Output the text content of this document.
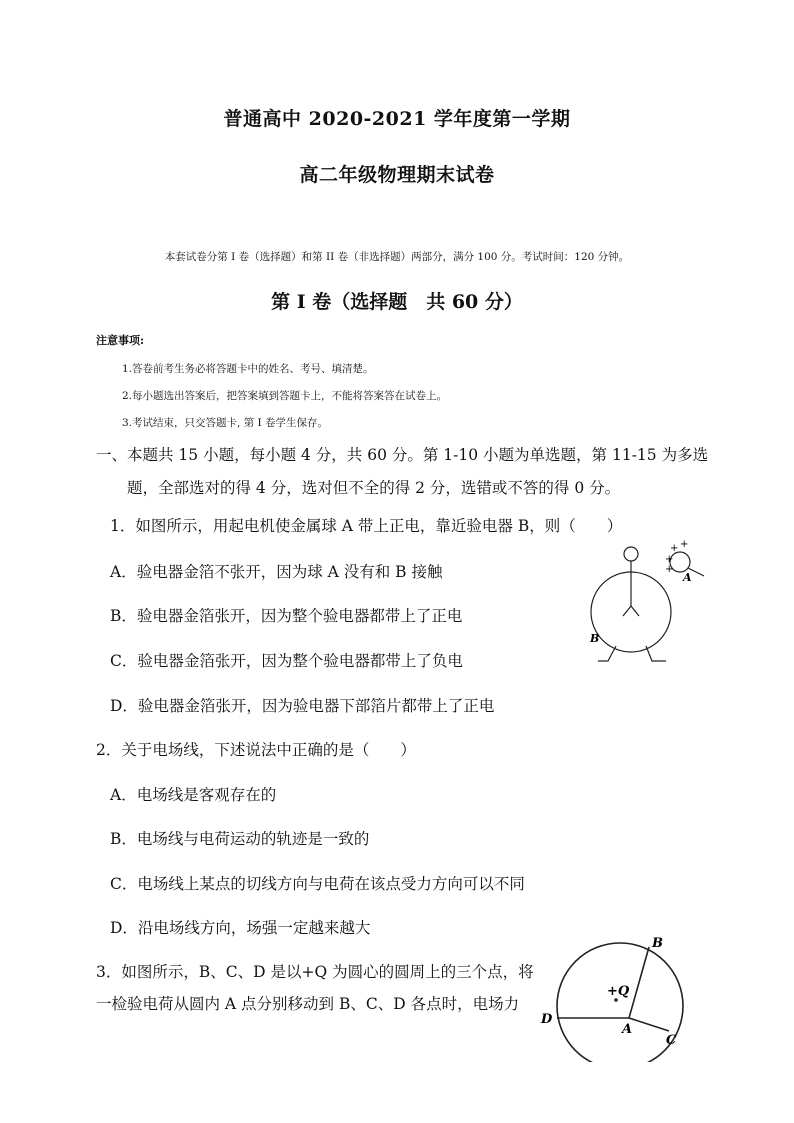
普通高中 2020-2021 学年度第一学期
高二年级物理期末试卷
本套试卷分第 I 卷（选择题）和第 II 卷（非选择题）两部分，满分 100 分。考试时间：120 分钟。
第 I 卷（选择题　共 60 分）
注意事项:
1.答卷前考生务必将答题卡中的姓名、考号、填清楚。
2.每小题选出答案后，把答案填到答题卡上，不能将答案答在试卷上。
3.考试结束，只交答题卡, 第 I 卷学生保存。
一、本题共 15 小题，每小题 4 分，共 60 分。第 1-10 小题为单选题，第 11-15 为多选
题，全部选对的得 4 分，选对但不全的得 2 分，选错或不答的得 0 分。
1．如图所示，用起电机使金属球 A 带上正电，靠近验电器 B，则（　　）
A．验电器金箔不张开，因为球 A 没有和 B 接触
B．验电器金箔张开，因为整个验电器都带上了正电
C．验电器金箔张开，因为整个验电器都带上了负电
D．验电器金箔张开，因为验电器下部箔片都带上了正电
B
+
+ +
+
A
2．关于电场线，下述说法中正确的是（　　）
A．电场线是客观存在的
B．电场线与电荷运动的轨迹是一致的
C．电场线上某点的切线方向与电荷在该点受力方向可以不同
D．沿电场线方向，场强一定越来越大
3．如图所示，B、C、D 是以+Q 为圆心的圆周上的三个点，将
一检验电荷从圆内 A 点分别移动到 B、C、D 各点时，电场力
+Q
B
C
D
A
